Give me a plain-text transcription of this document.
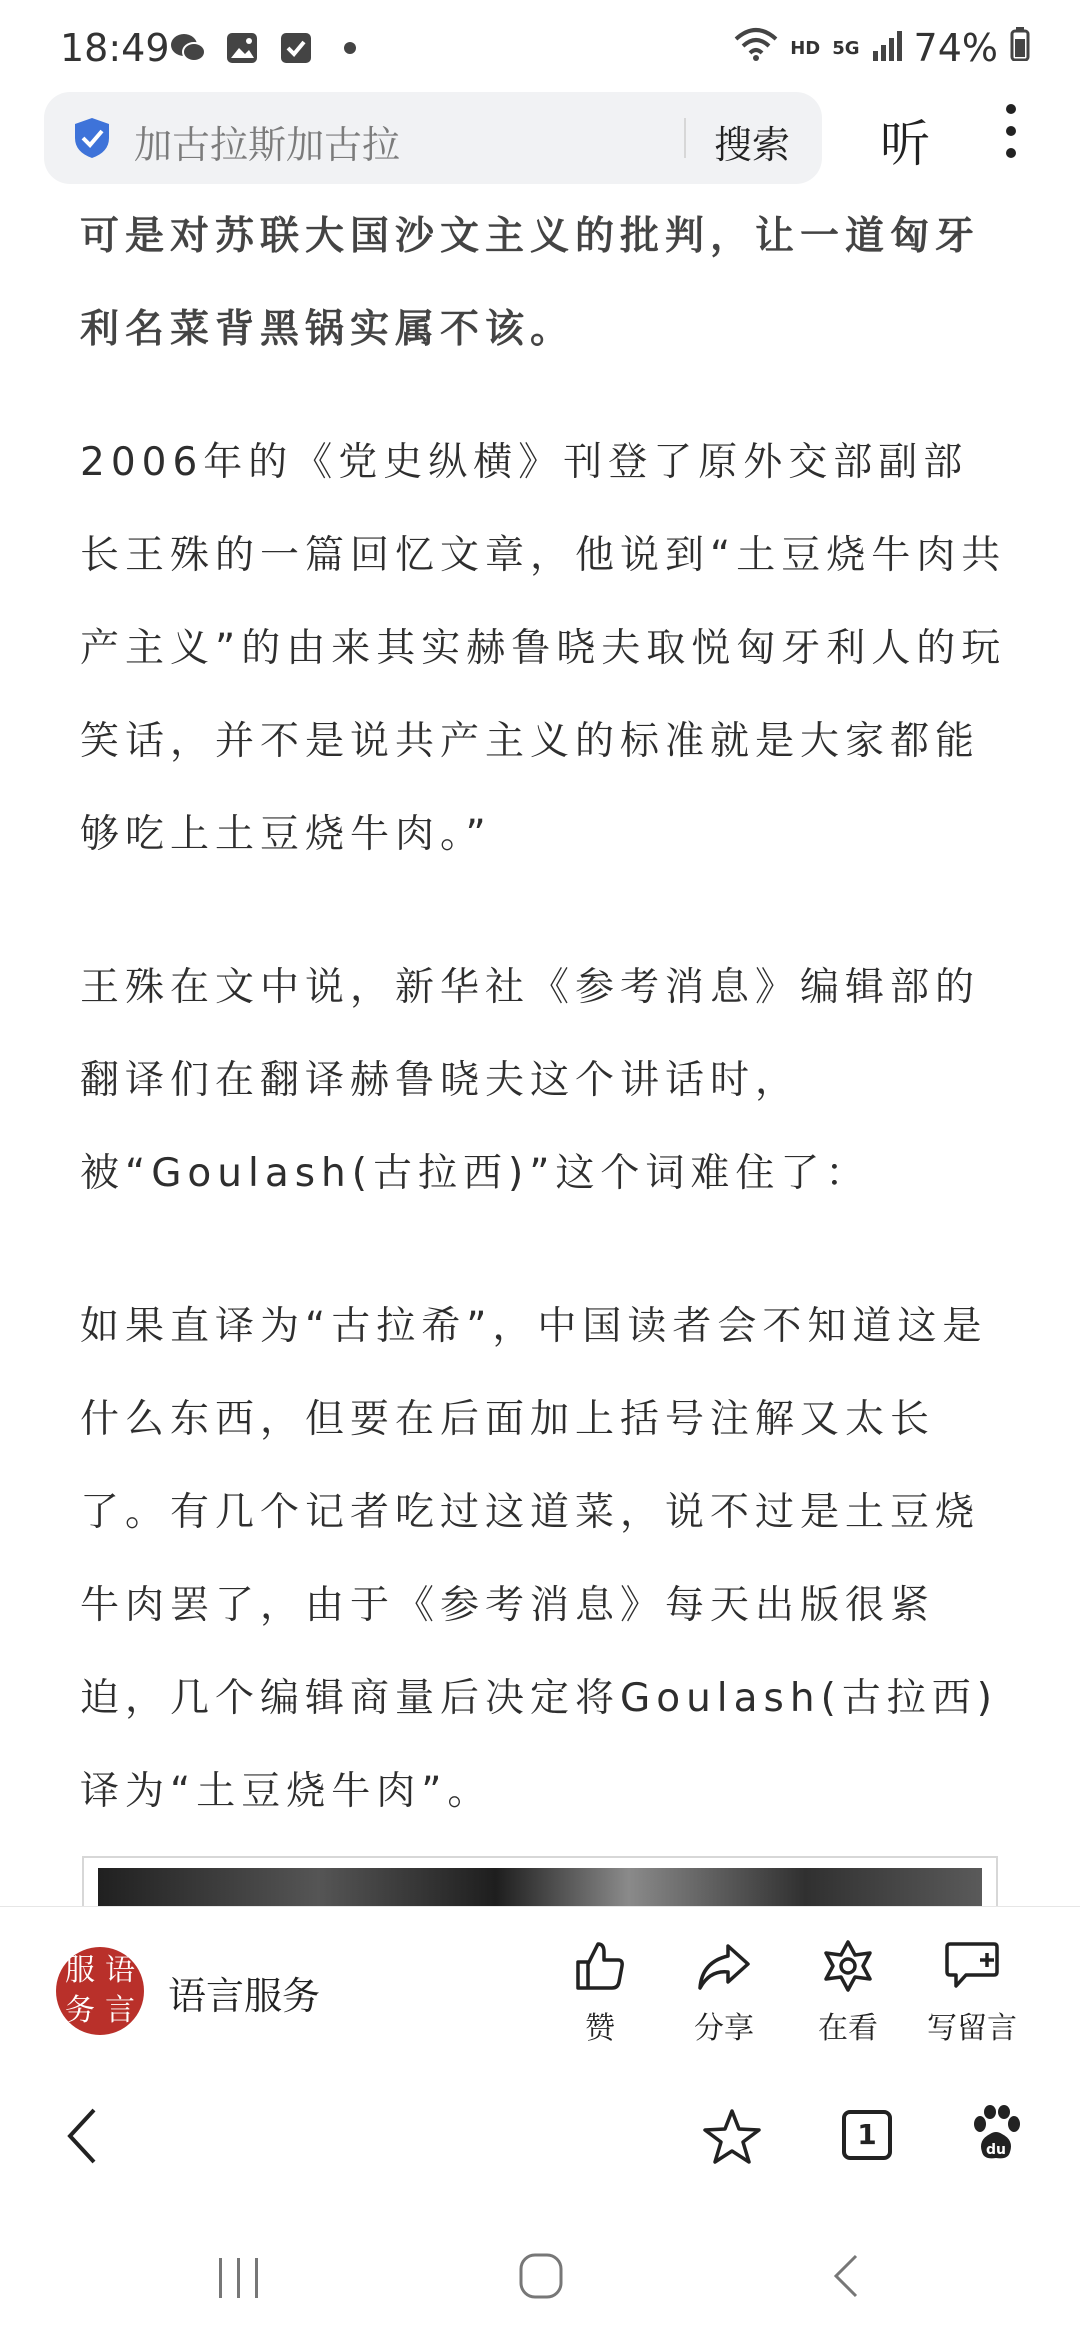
18:49	HD 5G 74%
加古拉斯加古拉	搜索 听

可是对苏联大国沙文主义的批判，让一道匈牙利名菜背黑锅实属不该。

2006年的《党史纵横》刊登了原外交部副部长王殊的一篇回忆文章，他说到“土豆烧牛肉共产主义”的由来其实赫鲁晓夫取悦匈牙利人的玩笑话，并不是说共产主义的标准就是大家都能够吃上土豆烧牛肉。”

王殊在文中说，新华社《参考消息》编辑部的翻译们在翻译赫鲁晓夫这个讲话时，被“Goulash(古拉西)”这个词难住了：

如果直译为“古拉希”，中国读者会不知道这是什么东西，但要在后面加上括号注解又太长了。有几个记者吃过这道菜，说不过是土豆烧牛肉罢了，由于《参考消息》每天出版很紧迫，几个编辑商量后决定将Goulash(古拉西)译为“土豆烧牛肉”。

服 语
务 言 语言服务
赞	分享	在看	写留言
1	du
